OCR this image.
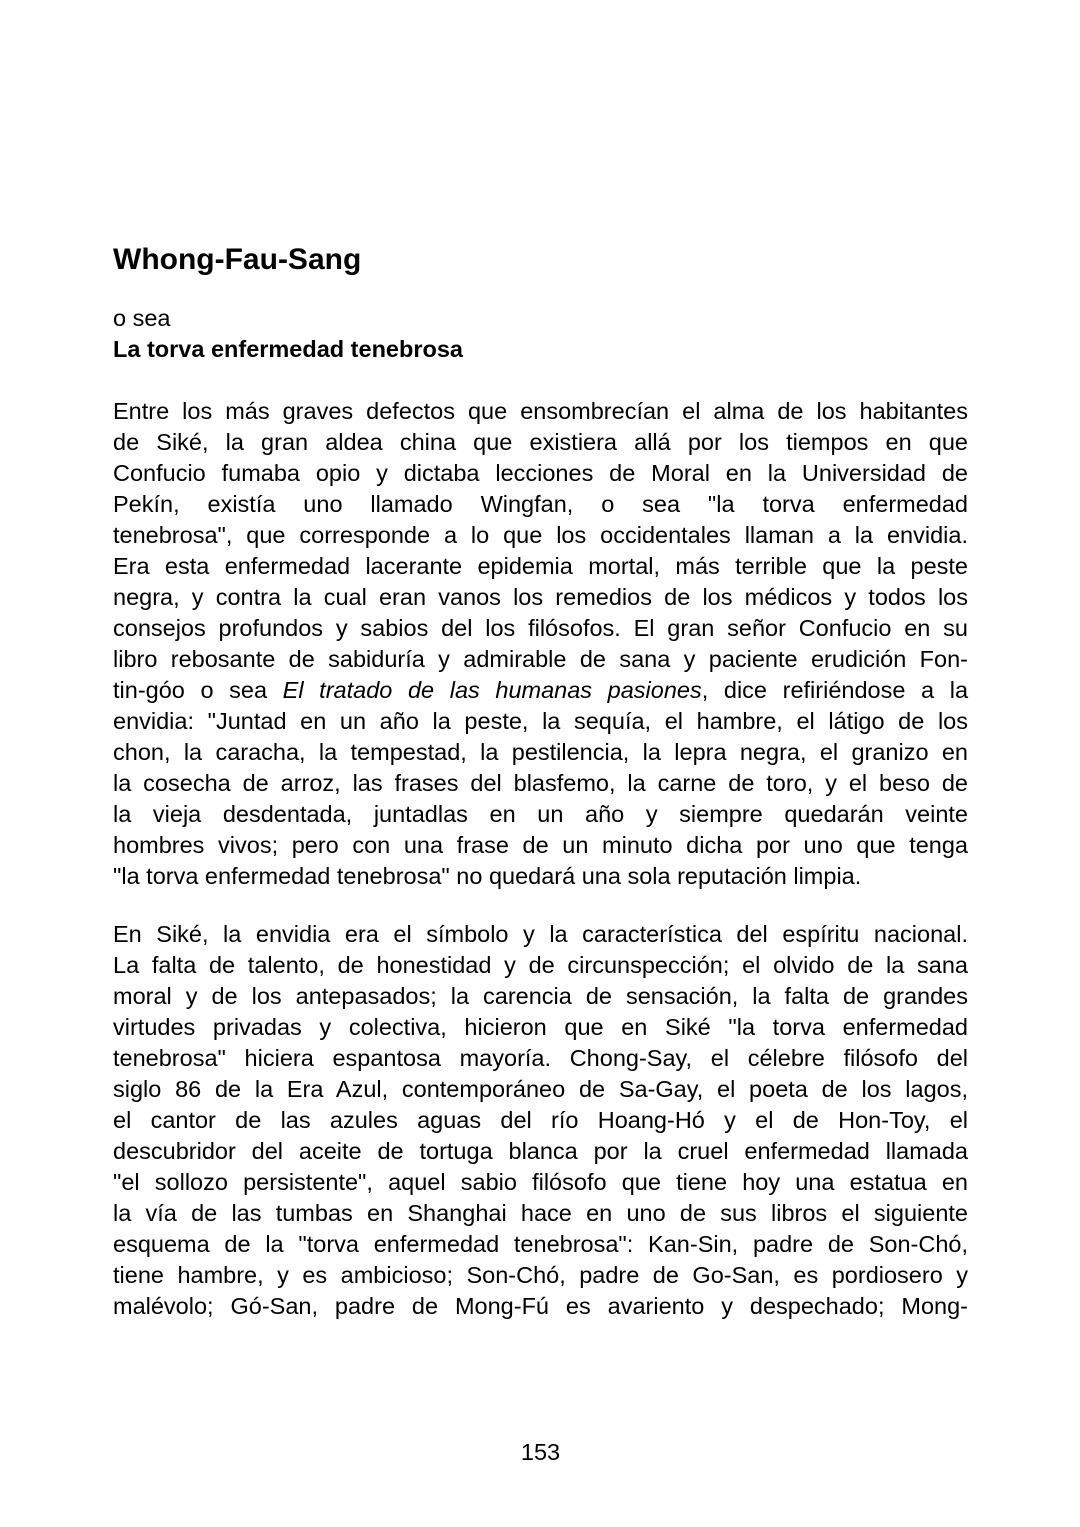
Whong-Fau-Sang
o sea
La torva enfermedad tenebrosa
Entre los más graves defectos que ensombrecían el alma de los habitantes
de Siké, la gran aldea china que existiera allá por los tiempos en que
Confucio fumaba opio y dictaba lecciones de Moral en la Universidad de
Pekín, existía uno llamado Wingfan, o sea "la torva enfermedad
tenebrosa", que corresponde a lo que los occidentales llaman a la envidia.
Era esta enfermedad lacerante epidemia mortal, más terrible que la peste
negra, y contra la cual eran vanos los remedios de los médicos y todos los
consejos profundos y sabios del los filósofos. El gran señor Confucio en su
libro rebosante de sabiduría y admirable de sana y paciente erudición Fon-
tin-góo o sea El tratado de las humanas pasiones, dice refiriéndose a la
envidia: "Juntad en un año la peste, la sequía, el hambre, el látigo de los
chon, la caracha, la tempestad, la pestilencia, la lepra negra, el granizo en
la cosecha de arroz, las frases del blasfemo, la carne de toro, y el beso de
la vieja desdentada, juntadlas en un año y siempre quedarán veinte
hombres vivos; pero con una frase de un minuto dicha por uno que tenga
"la torva enfermedad tenebrosa" no quedará una sola reputación limpia.
En Siké, la envidia era el símbolo y la característica del espíritu nacional.
La falta de talento, de honestidad y de circunspección; el olvido de la sana
moral y de los antepasados; la carencia de sensación, la falta de grandes
virtudes privadas y colectiva, hicieron que en Siké "la torva enfermedad
tenebrosa" hiciera espantosa mayoría. Chong-Say, el célebre filósofo del
siglo 86 de la Era Azul, contemporáneo de Sa-Gay, el poeta de los lagos,
el cantor de las azules aguas del río Hoang-Hó y el de Hon-Toy, el
descubridor del aceite de tortuga blanca por la cruel enfermedad llamada
"el sollozo persistente", aquel sabio filósofo que tiene hoy una estatua en
la vía de las tumbas en Shanghai hace en uno de sus libros el siguiente
esquema de la "torva enfermedad tenebrosa": Kan-Sin, padre de Son-Chó,
tiene hambre, y es ambicioso; Son-Chó, padre de Go-San, es pordiosero y
malévolo; Gó-San, padre de Mong-Fú es avariento y despechado; Mong-
153
